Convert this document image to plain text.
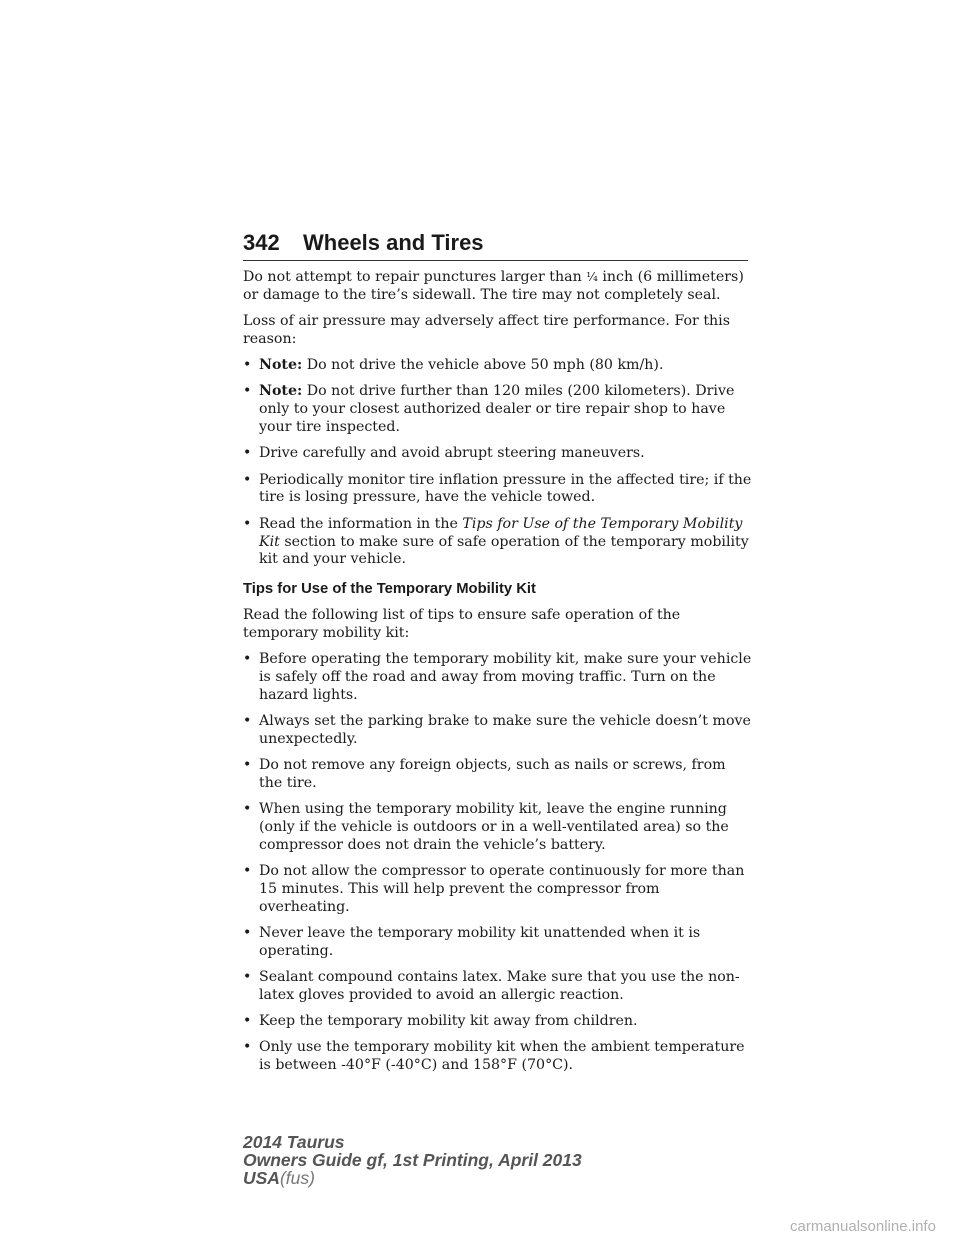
342 Wheels and Tires

Do not attempt to repair punctures larger than ¹⁄₄ inch (6 millimeters) or damage to the tire’s sidewall. The tire may not completely seal.

Loss of air pressure may adversely affect tire performance. For this reason:

• Note: Do not drive the vehicle above 50 mph (80 km/h).
• Note: Do not drive further than 120 miles (200 kilometers). Drive only to your closest authorized dealer or tire repair shop to have your tire inspected.
• Drive carefully and avoid abrupt steering maneuvers.
• Periodically monitor tire inflation pressure in the affected tire; if the tire is losing pressure, have the vehicle towed.
• Read the information in the Tips for Use of the Temporary Mobility Kit section to make sure of safe operation of the temporary mobility kit and your vehicle.
Tips for Use of the Temporary Mobility Kit

Read the following list of tips to ensure safe operation of the temporary mobility kit:

• Before operating the temporary mobility kit, make sure your vehicle is safely off the road and away from moving traffic. Turn on the hazard lights.
• Always set the parking brake to make sure the vehicle doesn’t move unexpectedly.
• Do not remove any foreign objects, such as nails or screws, from the tire.
• When using the temporary mobility kit, leave the engine running (only if the vehicle is outdoors or in a well-ventilated area) so the compressor does not drain the vehicle’s battery.
• Do not allow the compressor to operate continuously for more than 15 minutes. This will help prevent the compressor from overheating.
• Never leave the temporary mobility kit unattended when it is operating.
• Sealant compound contains latex. Make sure that you use the non-latex gloves provided to avoid an allergic reaction.
• Keep the temporary mobility kit away from children.
• Only use the temporary mobility kit when the ambient temperature is between -40°F (-40°C) and 158°F (70°C).
2014 Taurus
Owners Guide gf, 1st Printing, April 2013
USA(fus)
carmanualsonline.info
